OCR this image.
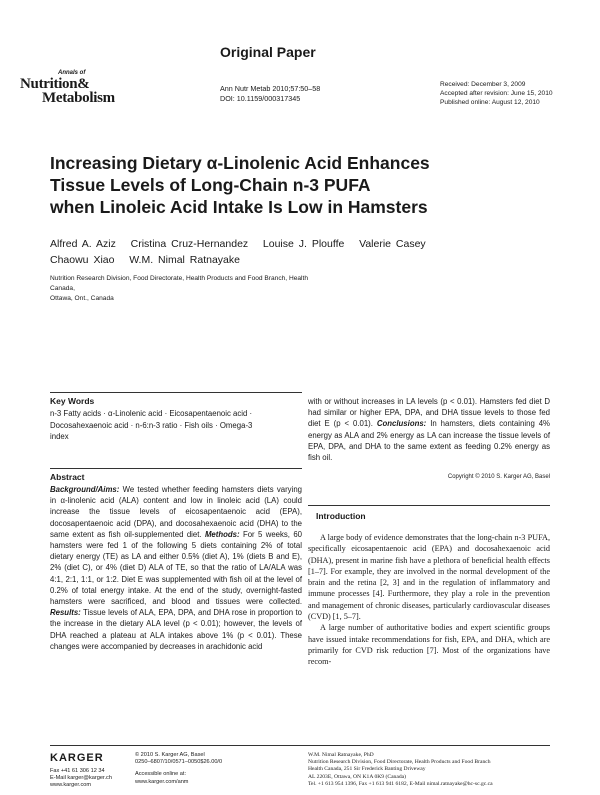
Original Paper
Annals of
Nutrition&
Metabolism
Ann Nutr Metab 2010;57:50–58
DOI: 10.1159/000317345
Received: December 3, 2009
Accepted after revision: June 15, 2010
Published online: August 12, 2010
Increasing Dietary α-Linolenic Acid Enhances
Tissue Levels of Long-Chain n-3 PUFA
when Linoleic Acid Intake Is Low in Hamsters
Alfred A. Aziz   Cristina Cruz-Hernandez   Louise J. Plouffe   Valerie Casey
Chaowu Xiao   W.M. Nimal Ratnayake
Nutrition Research Division, Food Directorate, Health Products and Food Branch, Health Canada,
Ottawa, Ont., Canada
Key Words
n-3 Fatty acids · α-Linolenic acid · Eicosapentaenoic acid ·
Docosahexaenoic acid · n-6:n-3 ratio · Fish oils · Omega-3
index
Abstract
Background/Aims: We tested whether feeding hamsters diets varying in α-linolenic acid (ALA) content and low in linoleic acid (LA) could increase the tissue levels of eicosapentaenoic acid (EPA), docosapentaenoic acid (DPA), and docosahexaenoic acid (DHA) to the same extent as fish oil-supplemented diet. Methods: For 5 weeks, 60 hamsters were fed 1 of the following 5 diets containing 2% of total dietary energy (TE) as LA and either 0.5% (diet A), 1% (diets B and E), 2% (diet C), or 4% (diet D) ALA of TE, so that the ratio of LA/ALA was 4:1, 2:1, 1:1, or 1:2. Diet E was supplemented with fish oil at the level of 0.2% of total energy intake. At the end of the study, overnight-fasted hamsters were sacrificed, and blood and tissues were collected. Results: Tissue levels of ALA, EPA, DPA, and DHA rose in proportion to the increase in the dietary ALA level (p < 0.01); however, the levels of DHA reached a plateau at ALA intakes above 1% (p < 0.01). These changes were accompanied by decreases in arachidonic acid
with or without increases in LA levels (p < 0.01). Hamsters fed diet D had similar or higher EPA, DPA, and DHA tissue levels to those fed diet E (p < 0.01). Conclusions: In hamsters, diets containing 4% energy as ALA and 2% energy as LA can increase the tissue levels of EPA, DPA, and DHA to the same extent as feeding 0.2% energy as fish oil.
Copyright © 2010 S. Karger AG, Basel
Introduction

A large body of evidence demonstrates that the long-chain n-3 PUFA, specifically eicosapentaenoic acid (EPA) and docosahexaenoic acid (DHA), present in marine fish have a plethora of beneficial health effects [1–7]. For example, they are involved in the normal development of the brain and the retina [2, 3] and in the regulation of inflammatory and immune processes [4]. Furthermore, they play a role in the prevention and management of chronic diseases, particularly cardiovascular diseases (CVD) [1, 5–7].

A large number of authoritative bodies and expert scientific groups have issued intake recommendations for fish, EPA, and DHA, which are primarily for CVD risk reduction [7]. Most of the organizations have recom-

KARGER
Fax +41 61 306 12 34
E-Mail karger@karger.ch
www.karger.com
© 2010 S. Karger AG, Basel
0250–6807/10/0571–0050$26.00/0
Accessible online at:
www.karger.com/anm
W.M. Nimal Ratnayake, PhD
Nutrition Research Division, Food Directorate, Health Products and Food Branch
Health Canada, 251 Sir Frederick Banting Driveway
AL 2203E, Ottawa, ON K1A 0K9 (Canada)
Tel. +1 613 954 1396, Fax +1 613 941 6182, E-Mail nimal.ratnayake@hc-sc.gc.ca
